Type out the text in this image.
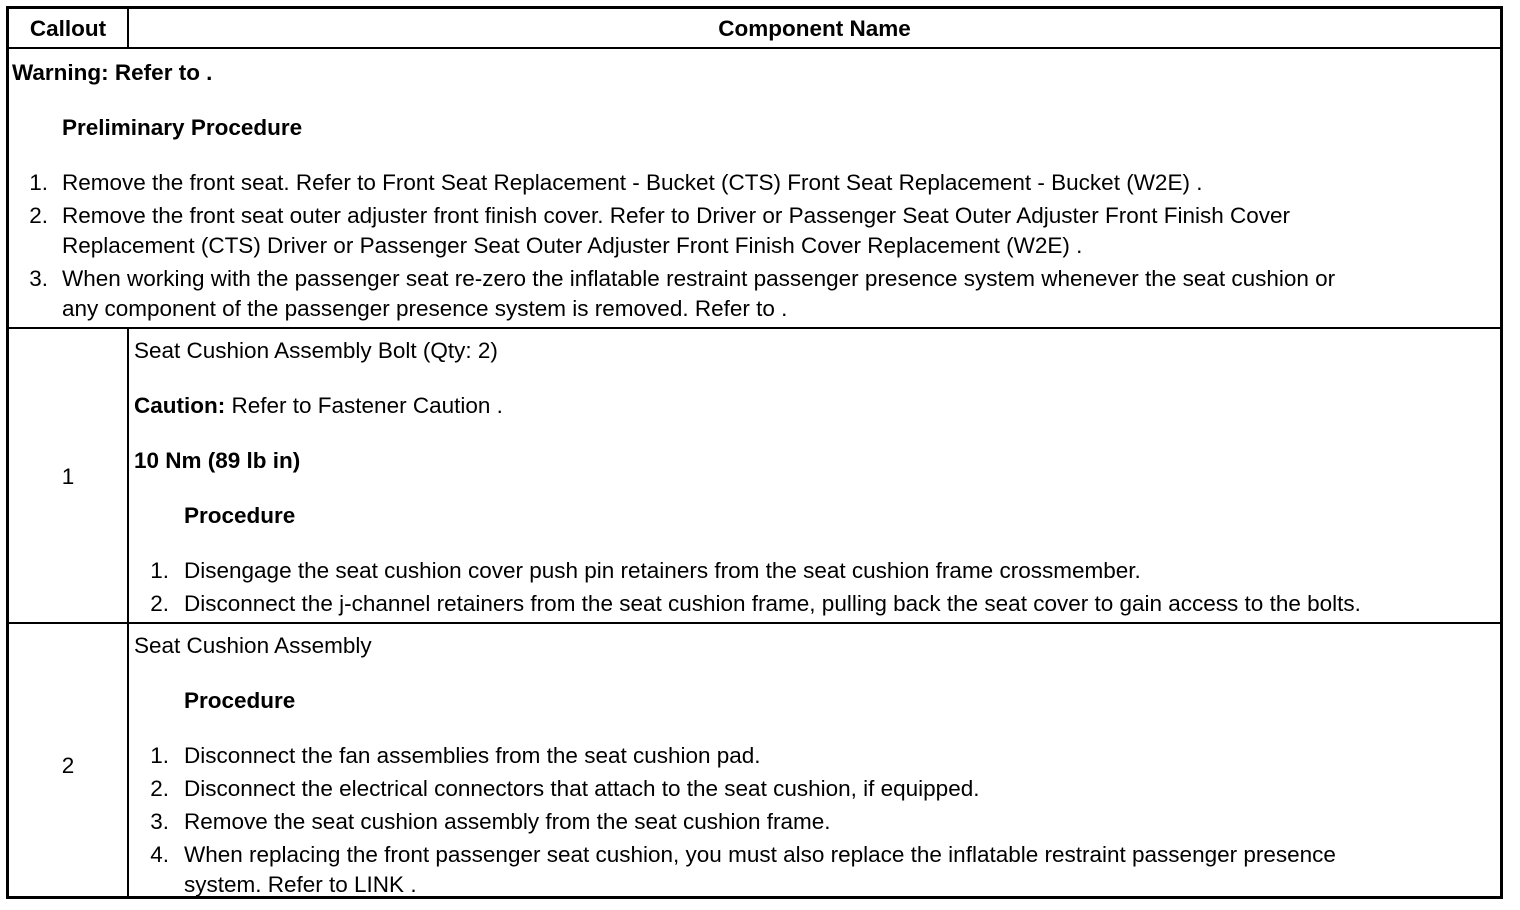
Callout	Component Name
Warning: Refer to .
Preliminary Procedure
1. Remove the front seat. Refer to Front Seat Replacement - Bucket (CTS) Front Seat Replacement - Bucket (W2E) .
2. Remove the front seat outer adjuster front finish cover. Refer to Driver or Passenger Seat Outer Adjuster Front Finish Cover
Replacement (CTS) Driver or Passenger Seat Outer Adjuster Front Finish Cover Replacement (W2E) .
3. When working with the passenger seat re-zero the inflatable restraint passenger presence system whenever the seat cushion or
any component of the passenger presence system is removed. Refer to .
1
Seat Cushion Assembly Bolt (Qty: 2)
Caution: Refer to Fastener Caution .
10 Nm (89 lb in)
Procedure
1. Disengage the seat cushion cover push pin retainers from the seat cushion frame crossmember.
2. Disconnect the j-channel retainers from the seat cushion frame, pulling back the seat cover to gain access to the bolts.
2
Seat Cushion Assembly
Procedure
1. Disconnect the fan assemblies from the seat cushion pad.
2. Disconnect the electrical connectors that attach to the seat cushion, if equipped.
3. Remove the seat cushion assembly from the seat cushion frame.
4. When replacing the front passenger seat cushion, you must also replace the inflatable restraint passenger presence
system. Refer to LINK .
